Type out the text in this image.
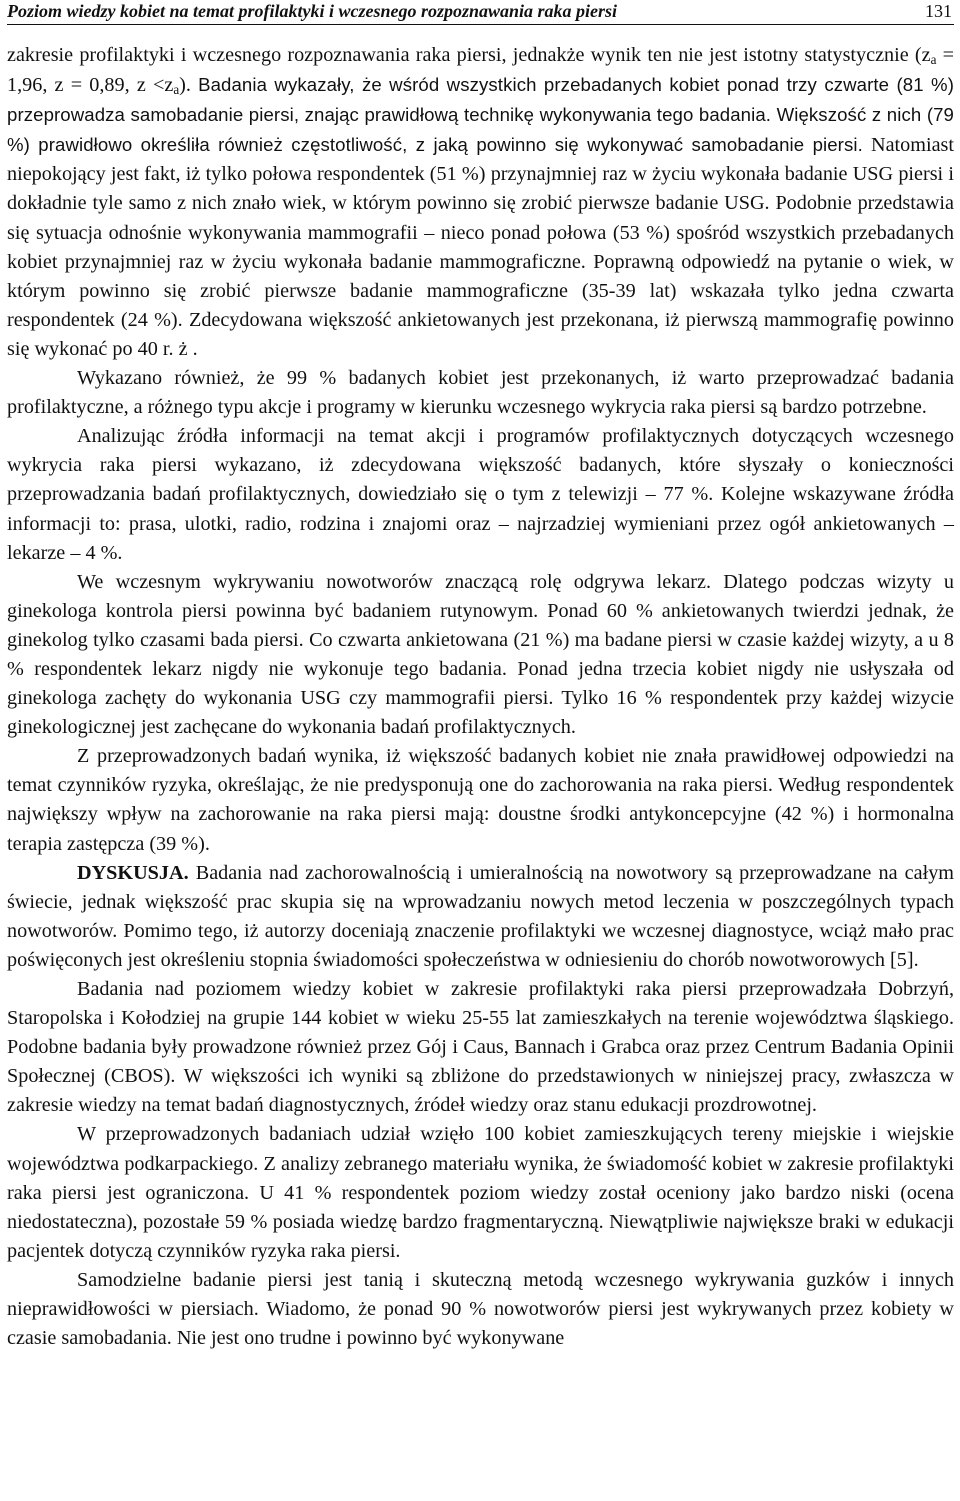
Poziom wiedzy kobiet na temat profilaktyki i wczesnego rozpoznawania raka piersi	131

zakresie profilaktyki i wczesnego rozpoznawania raka piersi, jednakże wynik ten nie jest istotny statystycznie ($z_a = 1,96$, z = 0,89, $z <z_a$). Badania wykazały, że wśród wszystkich przebadanych kobiet ponad trzy czwarte (81 %) przeprowadza samobadanie piersi, znając prawidłową technikę wykonywania tego badania. Większość z nich (79 %) prawidłowo określiła również częstotliwość, z jaką powinno się wykonywać samobadanie piersi. Natomiast niepokojący jest fakt, iż tylko połowa respondentek (51 %) przynajmniej raz w życiu wykonała badanie USG piersi i dokładnie tyle samo z nich znało wiek, w którym powinno się zrobić pierwsze badanie USG. Podobnie przedstawia się sytuacja odnośnie wykonywania mammografii – nieco ponad połowa (53 %) spośród wszystkich przebadanych kobiet przynajmniej raz w życiu wykonała badanie mammograficzne. Poprawną odpowiedź na pytanie o wiek, w którym powinno się zrobić pierwsze badanie mammograficzne (35-39 lat) wskazała tylko jedna czwarta respondentek (24 %). Zdecydowana większość ankietowanych jest przekonana, iż pierwszą mammografię powinno się wykonać po 40 r. ż .

Wykazano również, że 99 % badanych kobiet jest przekonanych, iż warto przeprowadzać badania profilaktyczne, a różnego typu akcje i programy w kierunku wczesnego wykrycia raka piersi są bardzo potrzebne.

Analizując źródła informacji na temat akcji i programów profilaktycznych dotyczących wczesnego wykrycia raka piersi wykazano, iż zdecydowana większość badanych, które słyszały o konieczności przeprowadzania badań profilaktycznych, dowiedziało się o tym z telewizji – 77 %. Kolejne wskazywane źródła informacji to: prasa, ulotki, radio, rodzina i znajomi oraz – najrzadziej wymieniani przez ogół ankietowanych – lekarze – 4 %.

We wczesnym wykrywaniu nowotworów znaczącą rolę odgrywa lekarz. Dlatego podczas wizyty u ginekologa kontrola piersi powinna być badaniem rutynowym. Ponad 60 % ankietowanych twierdzi jednak, że ginekolog tylko czasami bada piersi. Co czwarta ankietowana (21 %) ma badane piersi w czasie każdej wizyty, a u 8 % respondentek lekarz nigdy nie wykonuje tego badania. Ponad jedna trzecia kobiet nigdy nie usłyszała od ginekologa zachęty do wykonania USG czy mammografii piersi. Tylko 16 % respondentek przy każdej wizycie ginekologicznej jest zachęcane do wykonania badań profilaktycznych.

Z przeprowadzonych badań wynika, iż większość badanych kobiet nie znała prawidłowej odpowiedzi na temat czynników ryzyka, określając, że nie predysponują one do zachorowania na raka piersi. Według respondentek największy wpływ na zachorowanie na raka piersi mają: doustne środki antykoncepcyjne (42 %) i hormonalna terapia zastępcza (39 %).

DYSKUSJA. Badania nad zachorowalnością i umieralnością na nowotwory są przeprowadzane na całym świecie, jednak większość prac skupia się na wprowadzaniu nowych metod leczenia w poszczególnych typach nowotworów. Pomimo tego, iż autorzy doceniają znaczenie profilaktyki we wczesnej diagnostyce, wciąż mało prac poświęconych jest określeniu stopnia świadomości społeczeństwa w odniesieniu do chorób nowotworowych [5].

Badania nad poziomem wiedzy kobiet w zakresie profilaktyki raka piersi przeprowadzała Dobrzyń, Staropolska i Kołodziej na grupie 144 kobiet w wieku 25-55 lat zamieszkałych na terenie województwa śląskiego. Podobne badania były prowadzone również przez Gój i Caus, Bannach i Grabca oraz przez Centrum Badania Opinii Społecznej (CBOS). W większości ich wyniki są zbliżone do przedstawionych w niniejszej pracy, zwłaszcza w zakresie wiedzy na temat badań diagnostycznych, źródeł wiedzy oraz stanu edukacji prozdrowotnej.

W przeprowadzonych badaniach udział wzięło 100 kobiet zamieszkujących tereny miejskie i wiejskie województwa podkarpackiego. Z analizy zebranego materiału wynika, że świadomość kobiet w zakresie profilaktyki raka piersi jest ograniczona. U 41 % respondentek poziom wiedzy został oceniony jako bardzo niski (ocena niedostateczna), pozostałe 59 % posiada wiedzę bardzo fragmentaryczną. Niewątpliwie największe braki w edukacji pacjentek dotyczą czynników ryzyka raka piersi.

Samodzielne badanie piersi jest tanią i skuteczną metodą wczesnego wykrywania guzków i innych nieprawidłowości w piersiach. Wiadomo, że ponad 90 % nowotworów piersi jest wykrywanych przez kobiety w czasie samobadania. Nie jest ono trudne i powinno być wykonywane
